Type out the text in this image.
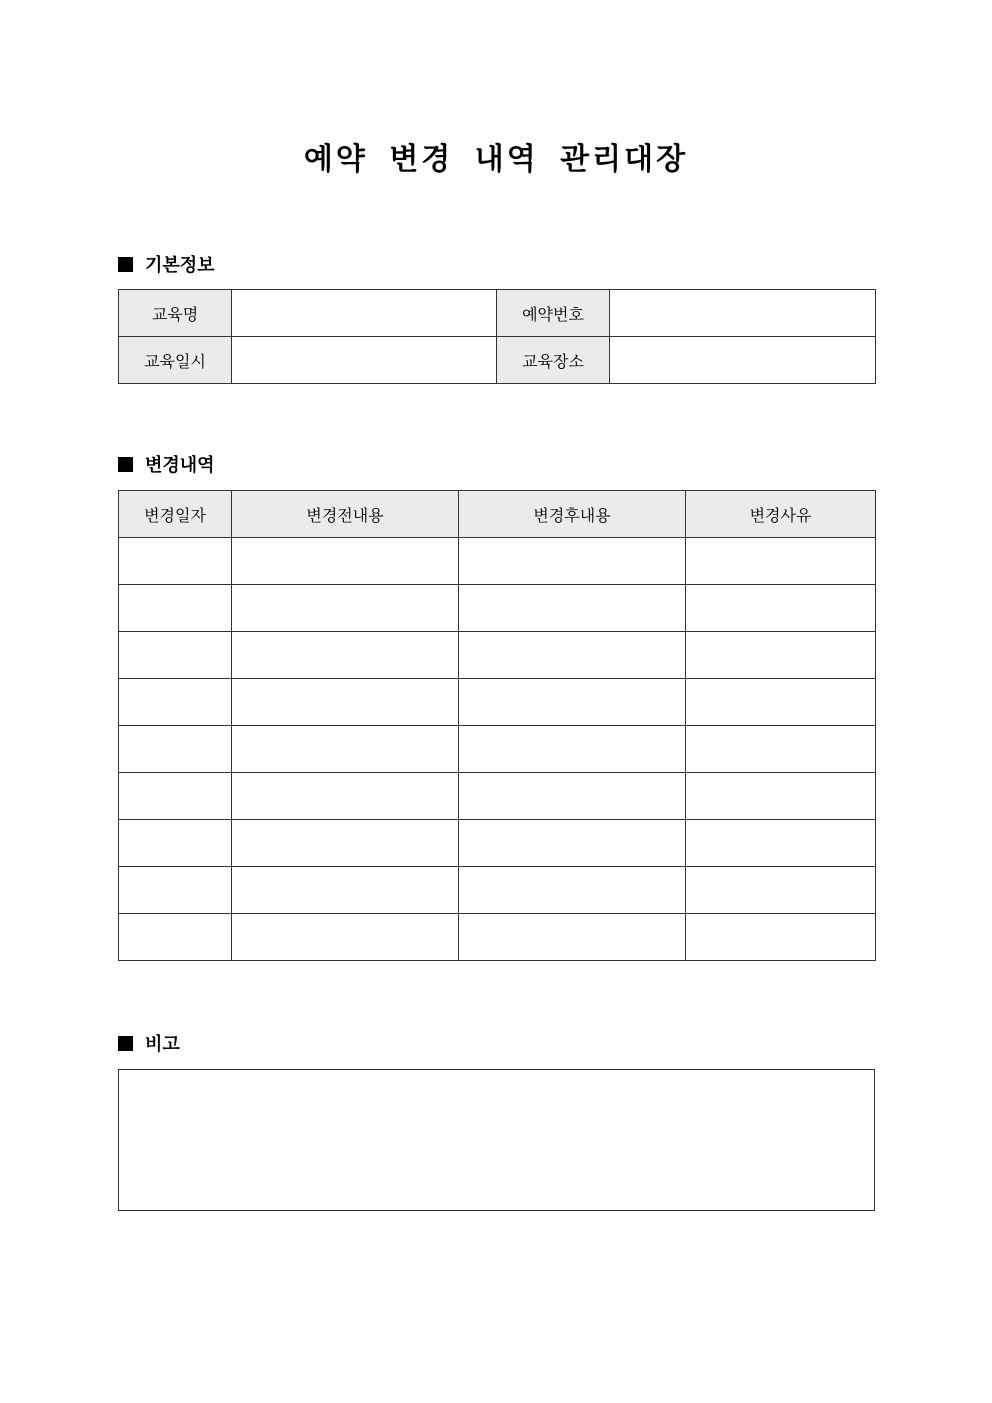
예약 변경 내역 관리대장
기본정보
교육명		예약번호	
교육일시		교육장소	
변경내역
변경일자	변경전내용	변경후내용	변경사유

비고
